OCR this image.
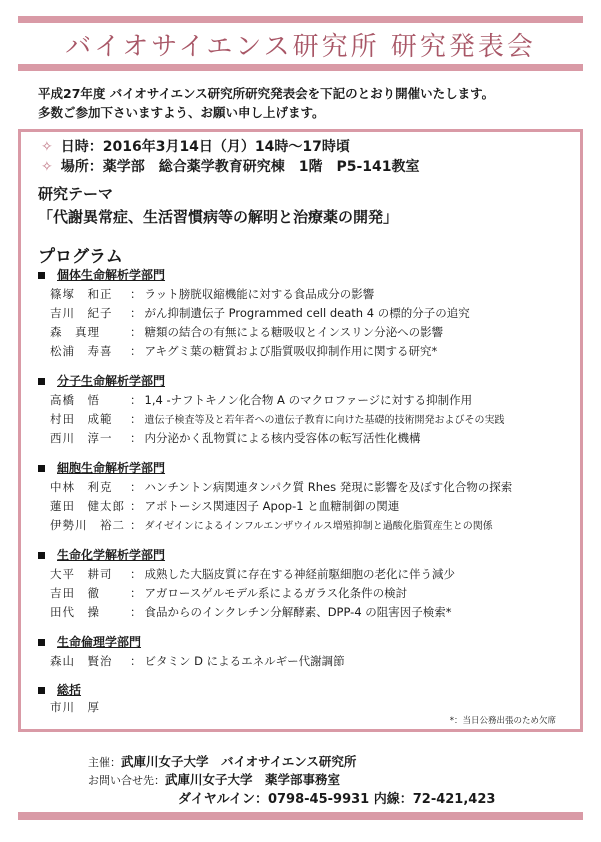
バイオサイエンス研究所 研究発表会
平成27年度 バイオサイエンス研究所研究発表会を下記のとおり開催いたします。
多数ご参加下さいますよう、お願い申し上げます。
✧ 日時：2016年3月14日（月）14時〜17時頃
✧ 場所：薬学部　総合薬学教育研究棟　1階　P5-141教室
研究テーマ
「代謝異常症、生活習慣病等の解明と治療薬の開発」
プログラム
個体生命解析学部門
篠塚　和正 ： ラット膀胱収縮機能に対する食品成分の影響
吉川　紀子 ： がん抑制遺伝子 Programmed cell death 4 の標的分子の追究
森　真理	： 糖類の結合の有無による糖吸収とインスリン分泌への影響
松浦　寿喜 ： アキグミ葉の糖質および脂質吸収抑制作用に関する研究*
分子生命解析学部門
高橋　悟	： 1,4 -ナフトキノン化合物 A のマクロファージに対する抑制作用
村田　成範 ： 遺伝子検査等及と若年者への遺伝子教育に向けた基礎的技術開発およびその実践
西川　淳一 ： 内分泌かく乱物質による核内受容体の転写活性化機構
細胞生命解析学部門
中林　利克 ： ハンチントン病関連タンパク質 Rhes 発現に影響を及ぼす化合物の探索
蓮田　健太郎 ： アポトーシス関連因子 Apop-1 と血糖制御の関連
伊勢川　裕二 ： ダイゼインによるインフルエンザウイルス増殖抑制と過酸化脂質産生との関係
生命化学解析学部門
大平　耕司 ： 成熟した大脳皮質に存在する神経前駆細胞の老化に伴う減少
吉田　徹	： アガロースゲルモデル系によるガラス化条件の検討
田代　操	： 食品からのインクレチン分解酵素、DPP-4 の阻害因子検索*
生命倫理学部門
森山　賢治 ： ビタミン D によるエネルギー代謝調節
総括
市川　厚
*：当日公務出張のため欠席
主催：武庫川女子大学　バイオサイエンス研究所
お問い合せ先：武庫川女子大学　薬学部事務室
ダイヤルイン：0798-45-9931 内線：72-421,423
